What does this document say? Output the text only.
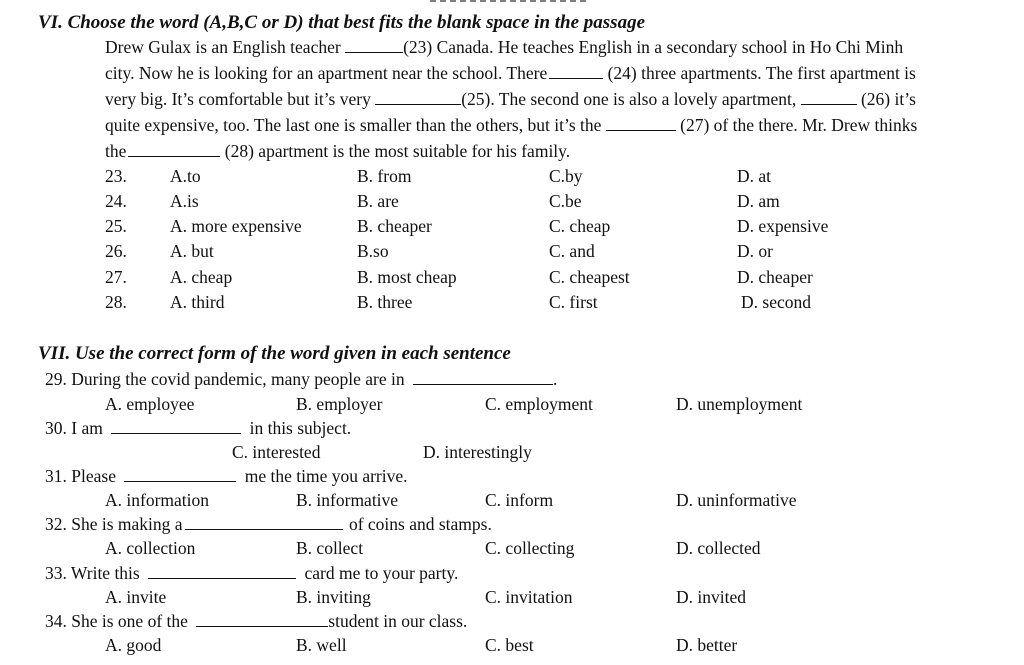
VI. Choose the word (A,B,C or D) that best fits the blank space in the passage
Drew Gulax is an English teacher	(23) Canada. He teaches English in a secondary school in Ho Chi Minh
city. Now he is looking for an apartment near the school. There	(24) three apartments. The first apartment is
very big. It’s comfortable but it’s very	(25). The second one is also a lovely apartment,	(26) it’s
quite expensive, too. The last one is smaller than the others, but it’s the	(27) of the there. Mr. Drew thinks
the	(28) apartment is the most suitable for his family.
23. A.to	B. from	C.by	D. at
24. A.is	B. are	C.be	D. am
25. A. more expensive	B. cheaper	C. cheap	D. expensive
26. A. but	B.so	C. and	D. or
27. A. cheap	B. most cheap	C. cheapest	D. cheaper
28. A. third	B. three	C. first	D. second
VII. Use the correct form of the word given in each sentence
29. During the covid pandemic, many people are in	.
A. employee	B. employer	C. employment	D. unemployment
30. I am	in this subject.
C. interested	D. interestingly
31. Please	me the time you arrive.
A. information	B. informative	C. inform	D. uninformative
32. She is making a	of coins and stamps.
A. collection	B. collect	C. collecting	D. collected
33. Write this	card me to your party.
A. invite	B. inviting	C. invitation	D. invited
34. She is one of the	student in our class.
A. good	B. well	C. best	D. better
